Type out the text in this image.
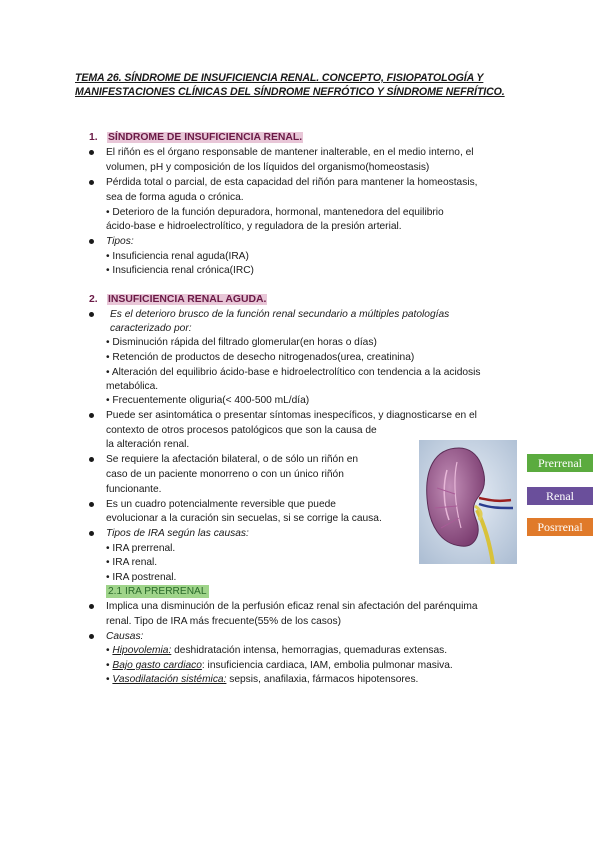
TEMA 26. SÍNDROME DE INSUFICIENCIA RENAL. CONCEPTO, FISIOPATOLOGÍA Y MANIFESTACIONES CLÍNICAS DEL SÍNDROME NEFRÓTICO Y SÍNDROME NEFRÍTICO.
1. SÍNDROME DE INSUFICIENCIA RENAL.
El riñón es el órgano responsable de mantener inalterable, en el medio interno, el
volumen, pH y composición de los líquidos del organismo(homeostasis)
Pérdida total o parcial, de esta capacidad del riñón para mantener la homeostasis,
sea de forma aguda o crónica.
• Deterioro de la función depuradora, hormonal, mantenedora del equilibrio
ácido-base e hidroelectrolítico, y reguladora de la presión arterial.
Tipos:
• Insuficiencia renal aguda(IRA)
• Insuficiencia renal crónica(IRC)
2. INSUFICIENCIA RENAL AGUDA.
Es el deterioro brusco de la función renal secundario a múltiples patologías
caracterizado por:
• Disminución rápida del filtrado glomerular(en horas o días)
• Retención de productos de desecho nitrogenados(urea, creatinina)
• Alteración del equilibrio ácido-base e hidroelectrolítico con tendencia a la acidosis
metabólica.
• Frecuentemente oliguria(< 400-500 mL/día)
Puede ser asintomática o presentar síntomas inespecíficos, y diagnosticarse en el
contexto de otros procesos patológicos que son la causa de
la alteración renal.
Se requiere la afectación bilateral, o de sólo un riñón en
caso de un paciente monorreno o con un único riñón
funcionante.
Es un cuadro potencialmente reversible que puede
evolucionar a la curación sin secuelas, si se corrige la causa.
Tipos de IRA según las causas:
• IRA prerrenal.
• IRA renal.
• IRA postrenal.
2.1 IRA PRERRENAL
Implica una disminución de la perfusión eficaz renal sin afectación del parénquima
renal. Tipo de IRA más frecuente(55% de los casos)
Causas:
• Hipovolemia: deshidratación intensa, hemorragias, quemaduras extensas.
• Bajo gasto cardiaco: insuficiencia cardiaca, IAM, embolia pulmonar masiva.
• Vasodilatación sistémica: sepsis, anafilaxia, fármacos hipotensores.
Prerrenal
Renal
Posrrenal
